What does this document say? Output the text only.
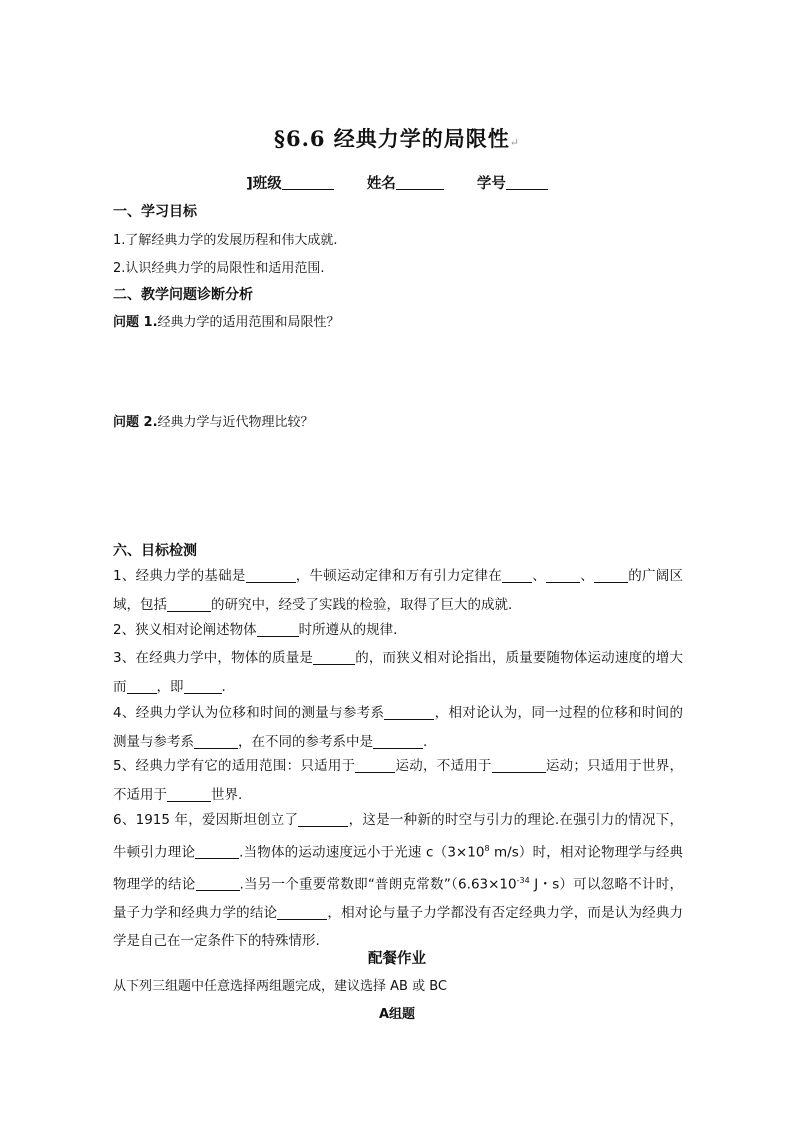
§6.6 经典力学的局限性↵
]班级	姓名	学号
一、学习目标
1.了解经典力学的发展历程和伟大成就.
2.认识经典力学的局限性和适用范围.
二、教学问题诊断分析
问题 1.经典力学的适用范围和局限性？
问题 2.经典力学与近代物理比较？
六、目标检测
1、经典力学的基础是	，牛顿运动定律和万有引力定律在 、	、	的广阔区域，包括	的研究中，经受了实践的检验，取得了巨大的成就.
2、狭义相对论阐述物体	时所遵从的规律.
3、在经典力学中，物体的质量是	的，而狭义相对论指出，质量要随物体运动速度的增大而 ，即	.
4、经典力学认为位移和时间的测量与参考系	，相对论认为，同一过程的位移和时间的测量与参考系	，在不同的参考系中是	.
5、经典力学有它的适用范围：只适用于	运动，不适用于	运动；只适用于世界，不适用于	世界.
6、1915 年，爱因斯坦创立了	，这是一种新的时空与引力的理论.在强引力的情况下，牛顿引力理论	.当物体的运动速度远小于光速 $c(3\times 10^8$ m/s）时，相对论物理学与经典物理学的结论	.当另一个重要常数即“普朗克常数$”(6.63\times 10^{-34}$ J・s）可以忽略不计时，量子力学和经典力学的结论	，相对论与量子力学都没有否定经典力学，而是认为经典力学是自己在一定条件下的特殊情形.
配餐作业
从下列三组题中任意选择两组题完成，建议选择 AB 或 BC
A组题
